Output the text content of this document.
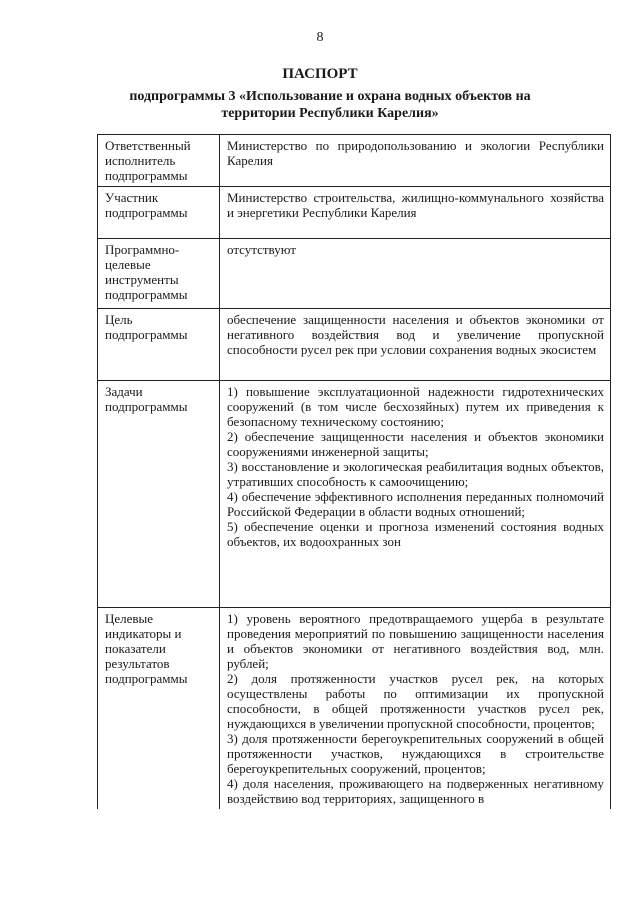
8
ПАСПОРТ
подпрограммы 3 «Использование и охрана водных объектов на территории Республики Карелия»
Ответственный исполнитель подпрограммы	Министерство по природопользованию и экологии Республики Карелия

Участник подпрограммы	Министерство строительства, жилищно-коммунального хозяйства и энергетики Республики Карелия

Программно-целевые инструменты подпрограммы	отсутствуют

Цель подпрограммы	обеспечение защищенности населения и объектов экономики от негативного воздействия вод и увеличение пропускной способности русел рек при условии сохранения водных экосистем

Задачи подпрограммы	1) повышение эксплуатационной надежности гидротехнических сооружений (в том числе бесхозяйных) путем их приведения к безопасному техническому состоянию;

2) обеспечение защищенности населения и объектов экономики сооружениями инженерной защиты;

3) восстановление и экологическая реабилитация водных объектов, утративших способность к самоочищению;

4) обеспечение эффективного исполнения переданных полномочий Российской Федерации в области водных отношений;

5) обеспечение оценки и прогноза изменений состояния водных объектов, их водоохранных зон

Целевые индикаторы и показатели результатов подпрограммы	1) уровень вероятного предотвращаемого ущерба в результате проведения мероприятий по повышению защищенности населения и объектов экономики от негативного воздействия вод, млн. рублей;

2) доля протяженности участков русел рек, на которых осуществлены работы по оптимизации их пропускной способности, в общей протяженности участков русел рек, нуждающихся в увеличении пропускной способности, процентов;

3) доля протяженности берегоукрепительных сооружений в общей протяженности участков, нуждающихся в строительстве берегоукрепительных сооружений, процентов;

4) доля населения, проживающего на подверженных негативному воздействию вод территориях, защищенного в
